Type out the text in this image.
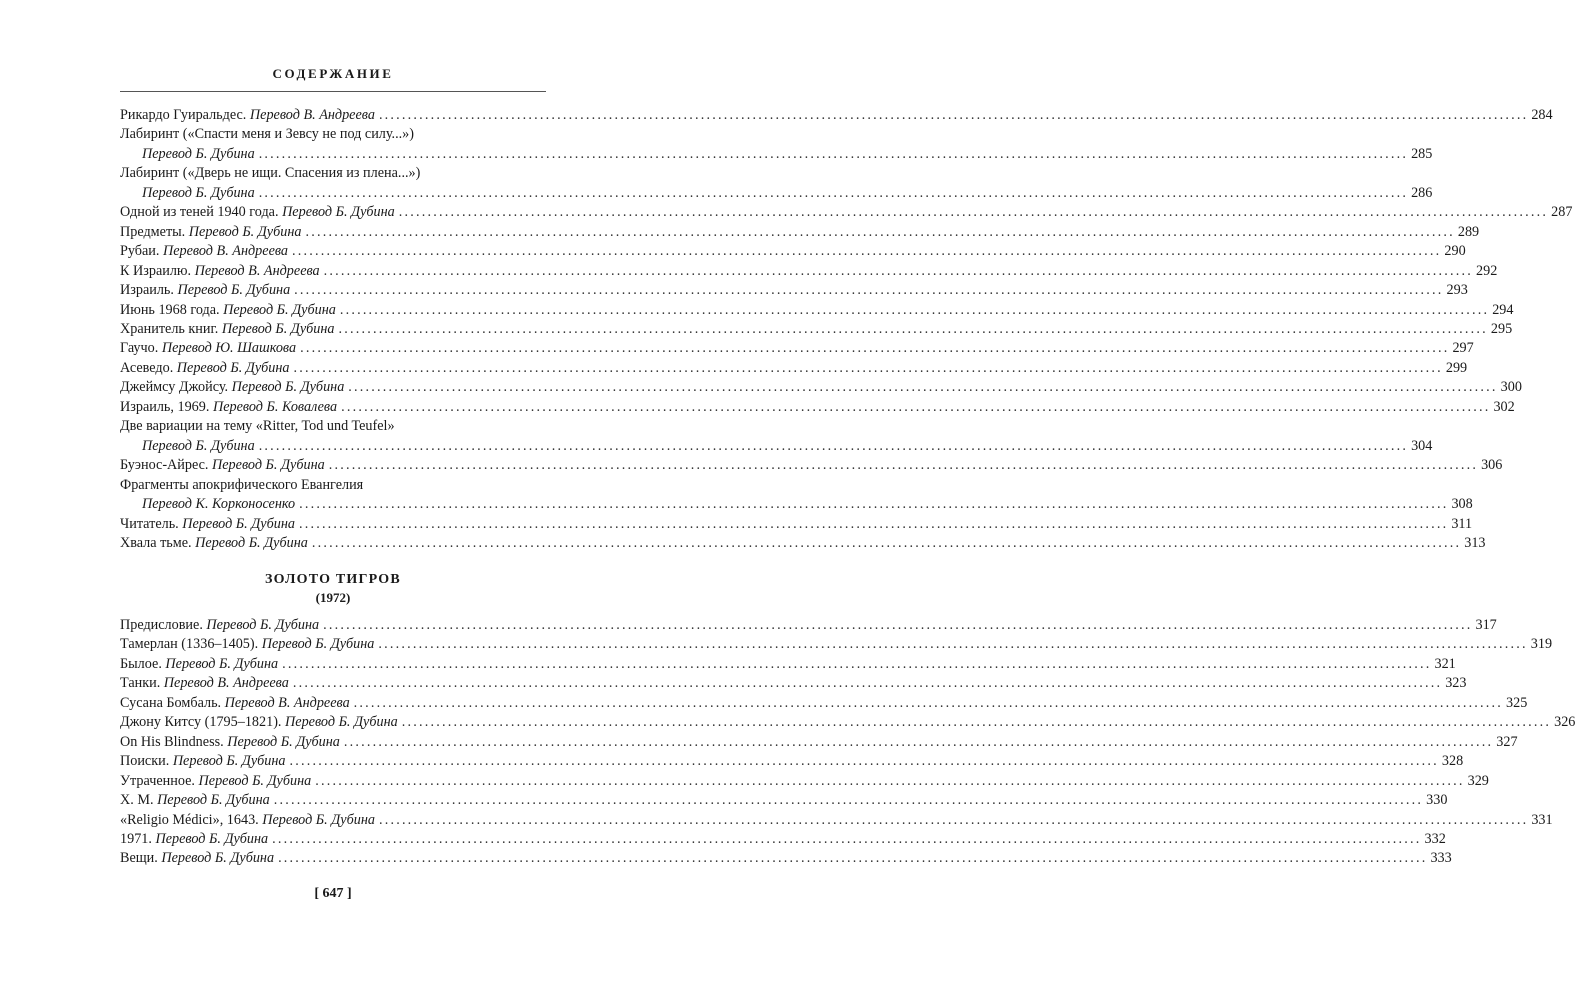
СОДЕРЖАНИЕ
Рикардо Гуиральдес. Перевод В. Андреева ........................................................................................................................................................................................................ 284
Лабиринт («Спасти меня и Зевсу не под силу...»)
Перевод Б. Дубина ........................................................................................................................................................................................................ 285
Лабиринт («Дверь не ищи. Спасения из плена...»)
Перевод Б. Дубина ........................................................................................................................................................................................................ 286
Одной из теней 1940 года. Перевод Б. Дубина ........................................................................................................................................................................................................ 287
Предметы. Перевод Б. Дубина ........................................................................................................................................................................................................ 289
Рубаи. Перевод В. Андреева ........................................................................................................................................................................................................ 290
К Израилю. Перевод В. Андреева ........................................................................................................................................................................................................ 292
Израиль. Перевод Б. Дубина ........................................................................................................................................................................................................ 293
Июнь 1968 года. Перевод Б. Дубина ........................................................................................................................................................................................................ 294
Хранитель книг. Перевод Б. Дубина ........................................................................................................................................................................................................ 295
Гаучо. Перевод Ю. Шашкова ........................................................................................................................................................................................................ 297
Асеведо. Перевод Б. Дубина ........................................................................................................................................................................................................ 299
Джеймсу Джойсу. Перевод Б. Дубина ........................................................................................................................................................................................................ 300
Израиль, 1969. Перевод Б. Ковалева ........................................................................................................................................................................................................ 302
Две вариации на тему «Ritter, Tod und Teufel»
Перевод Б. Дубина ........................................................................................................................................................................................................ 304
Буэнос-Айрес. Перевод Б. Дубина ........................................................................................................................................................................................................ 306
Фрагменты апокрифического Евангелия
Перевод К. Корконосенко ........................................................................................................................................................................................................ 308
Читатель. Перевод Б. Дубина ........................................................................................................................................................................................................ 311
Хвала тьме. Перевод Б. Дубина ........................................................................................................................................................................................................ 313
ЗОЛОТО ТИГРОВ
(1972)
Предисловие. Перевод Б. Дубина ........................................................................................................................................................................................................ 317
Тамерлан (1336–1405). Перевод Б. Дубина ........................................................................................................................................................................................................ 319
Былое. Перевод Б. Дубина ........................................................................................................................................................................................................ 321
Танки. Перевод В. Андреева ........................................................................................................................................................................................................ 323
Сусана Бомбаль. Перевод В. Андреева ........................................................................................................................................................................................................ 325
Джону Китсу (1795–1821). Перевод Б. Дубина ........................................................................................................................................................................................................ 326
On His Blindness. Перевод Б. Дубина ........................................................................................................................................................................................................ 327
Поиски. Перевод Б. Дубина ........................................................................................................................................................................................................ 328
Утраченное. Перевод Б. Дубина ........................................................................................................................................................................................................ 329
Х. М. Перевод Б. Дубина ........................................................................................................................................................................................................ 330
«Religio Médici», 1643. Перевод Б. Дубина ........................................................................................................................................................................................................ 331
1971. Перевод Б. Дубина ........................................................................................................................................................................................................ 332
Вещи. Перевод Б. Дубина ........................................................................................................................................................................................................ 333
[ 647 ]
